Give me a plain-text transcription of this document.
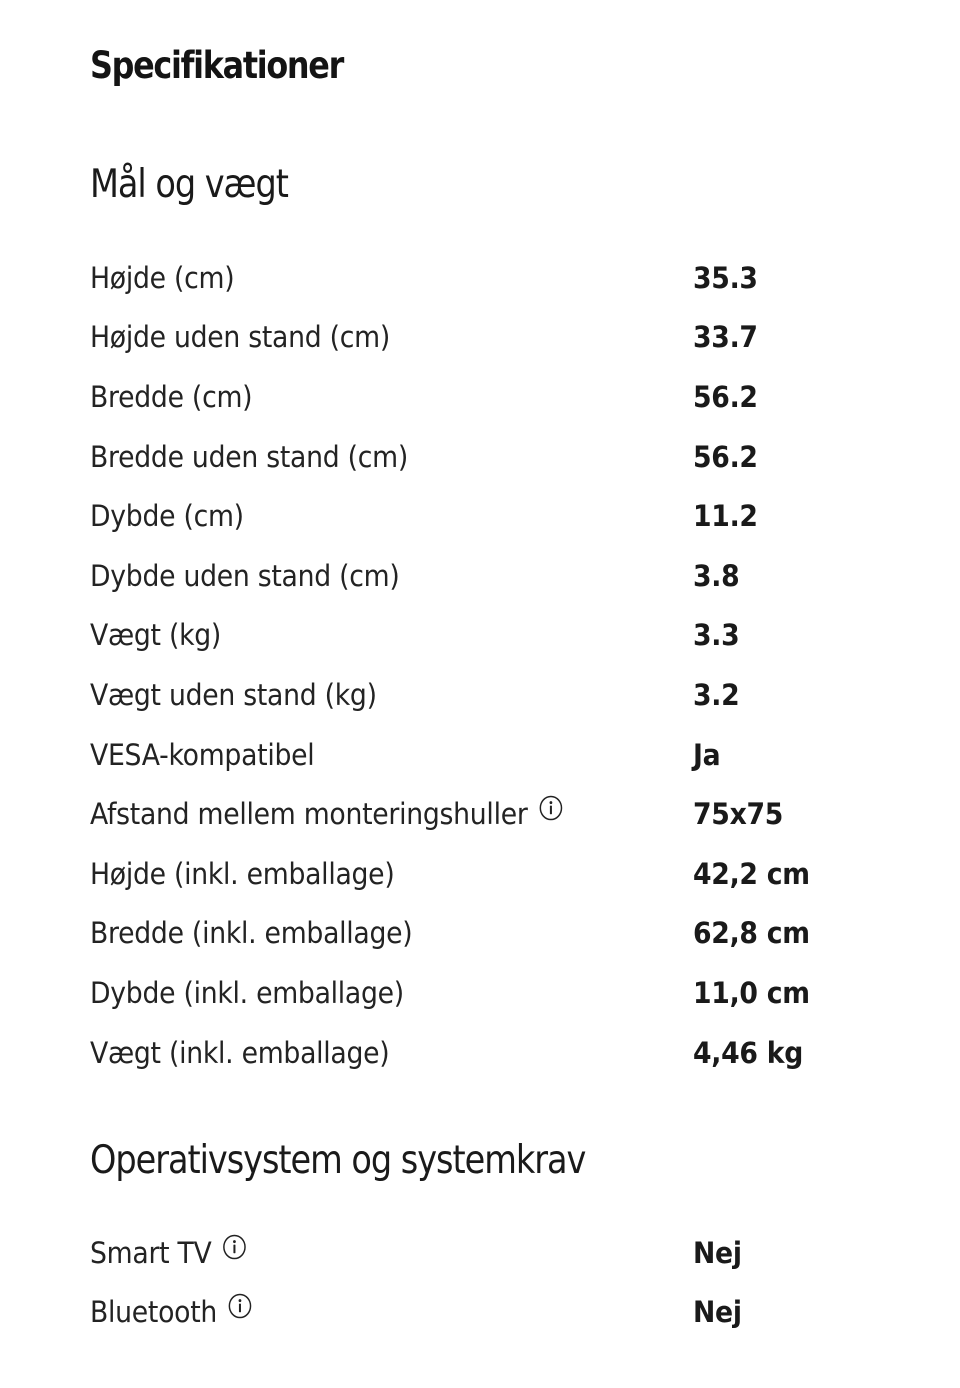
Specifikationer
Mål og vægt
Højde (cm)	35.3
Højde uden stand (cm)	33.7
Bredde (cm)	56.2
Bredde uden stand (cm)	56.2
Dybde (cm)	11.2
Dybde uden stand (cm)	3.8
Vægt (kg)	3.3
Vægt uden stand (kg)	3.2
VESA-kompatibel	Ja
Afstand mellem monteringshuller	75x75
Højde (inkl. emballage)	42,2 cm
Bredde (inkl. emballage)	62,8 cm
Dybde (inkl. emballage)	11,0 cm
Vægt (inkl. emballage)	4,46 kg
Operativsystem og systemkrav
Smart TV	Nej
Bluetooth	Nej
